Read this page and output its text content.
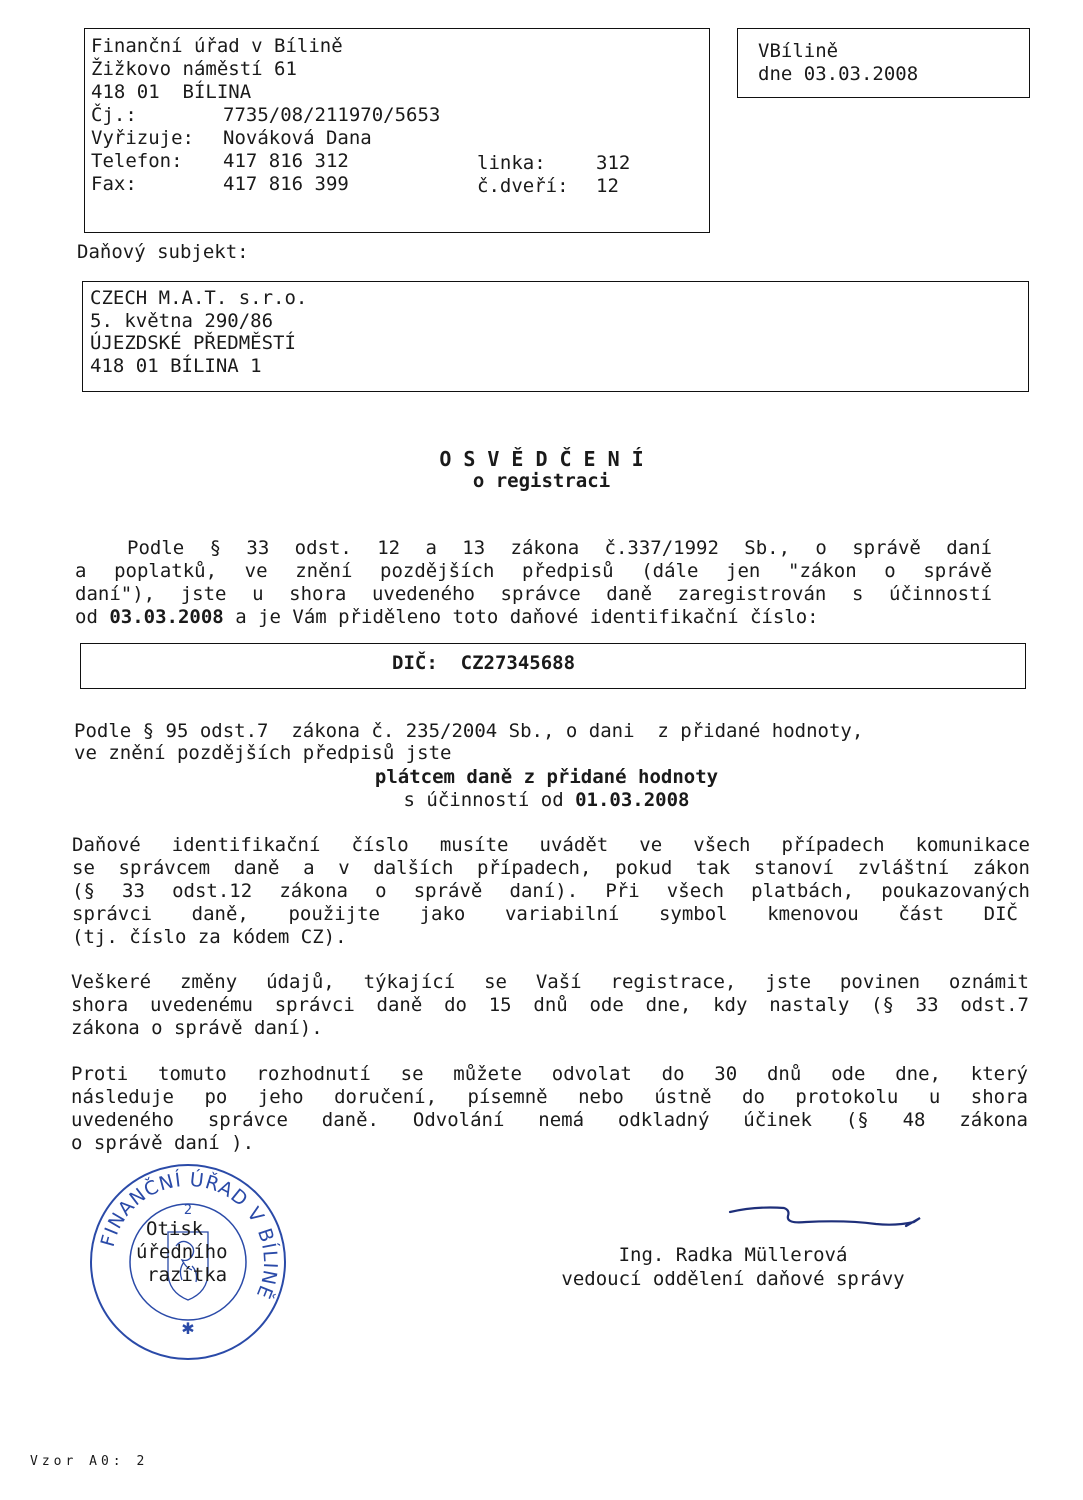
Finanční úřad v Bílině
Žižkovo náměstí 61
418 01  BÍLINA
Čj.:	7735/08/211970/5653
Vyřizuje: Nováková Dana
Telefon: 417 816 312
Fax:	417 816 399
linka:	312
č.dveří: 12
VBílině
dne 03.03.2008
Daňový subjekt:
CZECH M.A.T. s.r.o.
5. května 290/86
ÚJEZDSKÉ PŘEDMĚSTÍ
418 01 BÍLINA 1
OSVĚDČENÍ
o registraci
Podle § 33 odst. 12 a 13 zákona č.337/1992 Sb., o správě daní
a poplatků, ve znění pozdějších předpisů (dále jen "zákon o správě
daní"), jste u shora uvedeného správce daně zaregistrován s účinností
od 03.03.2008 a je Vám přiděleno toto daňové identifikační číslo:
DIČ: CZ27345688
Podle § 95 odst.7  zákona č. 235/2004 Sb., o dani  z přidané hodnoty,
ve znění pozdějších předpisů jste
plátcem daně z přidané hodnoty
s účinností od 01.03.2008
Daňové identifikační číslo musíte uvádět ve všech případech komunikace
se správcem daně a v dalších případech, pokud tak stanoví zvláštní zákon
(§ 33 odst.12 zákona o správě daní). Při všech platbách, poukazovaných
správci daně, použijte jako variabilní symbol kmenovou část DIČ
(tj. číslo za kódem CZ).
Veškeré změny údajů, týkající se Vaší registrace, jste povinen oznámit
shora uvedenému správci daně do 15 dnů ode dne, kdy nastaly (§ 33 odst.7
zákona o správě daní).
Proti tomuto rozhodnutí se můžete odvolat do 30 dnů ode dne, který
následuje po jeho doručení, písemně nebo ústně do protokolu u shora
uvedeného správce daně. Odvolání nemá odkladný účinek (§ 48 zákona
o správě daní ).
FINANČNÍ ÚŘAD V BÍLINĚ
2
✱
Otisk
úředního
razítka
Ing. Radka Müllerová
vedoucí oddělení daňové správy
Vzor A0: 2
